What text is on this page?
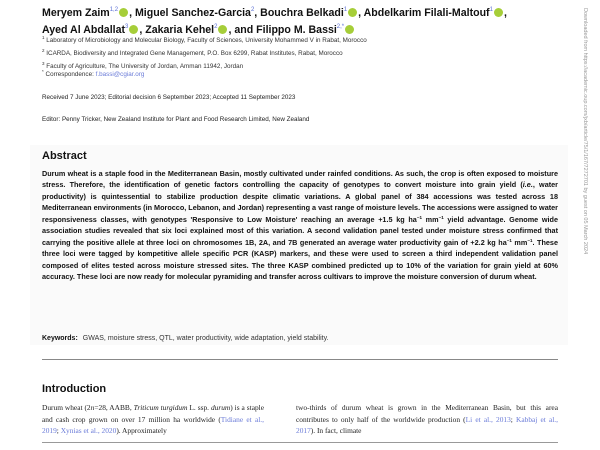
Meryem Zaim$^{1,2}$ , Miguel Sanchez-Garcia$^2$, Bouchra Belkadi$^1$ , Abdelkarim Filali-Maltouf$^1$ ,
Ayed Al Abdallat$^3$ , Zakaria Kehel$^2$ , and Filippo M. Bassi$^{2,*}$
$^1$ Laboratory of Microbiology and Molecular Biology, Faculty of Sciences, University Mohammed V in Rabat, Morocco
$^2$ ICARDA, Biodiversity and Integrated Gene Management, P.O. Box 6299, Rabat Institutes, Rabat, Morocco
$^3$ Faculty of Agriculture, The University of Jordan, Amman 11942, Jordan
* Correspondence: f.bassi@cgiar.org
Received 7 June 2023; Editorial decision 6 September 2023; Accepted 11 September 2023
Editor: Penny Tricker, New Zealand Institute for Plant and Food Research Limited, New Zealand
Abstract
Durum wheat is a staple food in the Mediterranean Basin, mostly cultivated under rainfed conditions. As such, the crop is often exposed to moisture stress. Therefore, the identification of genetic factors controlling the capacity of genotypes to convert moisture into grain yield (i.e., water productivity) is quintessential to stabilize production despite climatic variations. A global panel of 384 accessions was tested across 18 Mediterranean environments (in Morocco, Lebanon, and Jordan) representing a vast range of moisture levels. The accessions were assigned to water responsiveness classes, with genotypes 'Responsive to Low Moisture' reaching an average +1.5 kg $ha^{-1}$ $mm^{-1}$ yield advantage. Genome wide association studies revealed that six loci explained most of this variation. A second validation panel tested under moisture stress confirmed that carrying the positive allele at three loci on chromosomes 1B, 2A, and 7B generated an average water productivity gain of +2.2 kg $ha^{-1}$ $mm^{-1}$. These three loci were tagged by kompetitive allele specific PCR (KASP) markers, and these were used to screen a third independent validation panel composed of elites tested across moisture stressed sites. The three KASP combined predicted up to 10% of the variation for grain yield at 60% accuracy. These loci are now ready for molecular pyramiding and transfer across cultivars to improve the moisture conversion of durum wheat.
Keywords: GWAS, moisture stress, QTL, water productivity, wide adaptation, yield stability.
Introduction
Durum wheat (2n=28, AABB, Triticum turgidum L. ssp. durum) is a staple and cash crop grown on over 17 million ha worldwide (Tidiane et al., 2019; Xynias et al., 2020). Approximately
two-thirds of durum wheat is grown in the Mediterranean Basin, but this area contributes to only half of the worldwide production (Li et al., 2013; Kabbaj et al., 2017). In fact, climate
Downloaded from https://academic.oup.com/jxb/article/75/1/167/7272701 by guest on 05 March 2024
